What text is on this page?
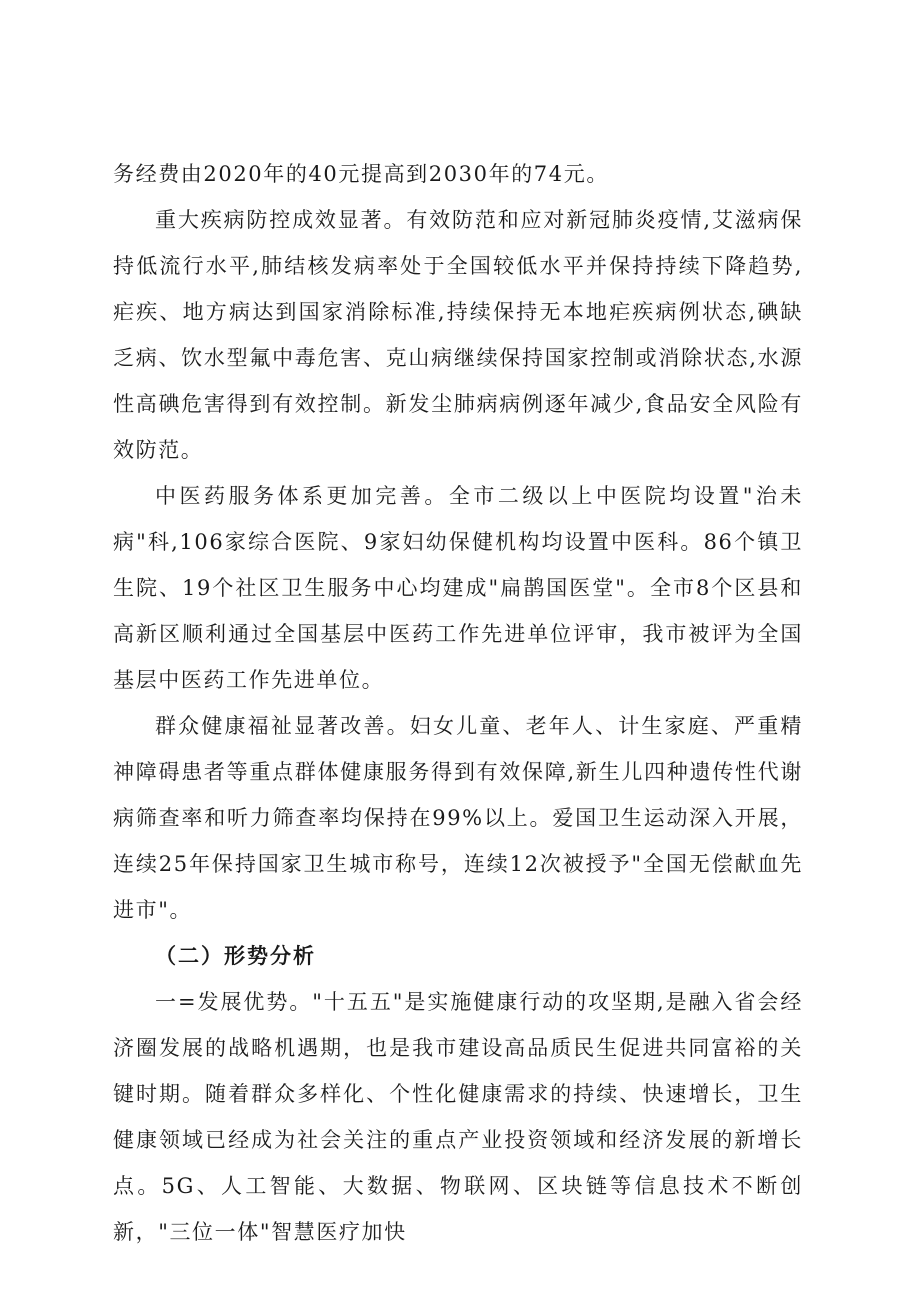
务经费由2020年的40元提高到2030年的74元。

重大疾病防控成效显著。有效防范和应对新冠肺炎疫情,艾滋病保持低流行水平,肺结核发病率处于全国较低水平并保持持续下降趋势,疟疾、地方病达到国家消除标准,持续保持无本地疟疾病例状态,碘缺乏病、饮水型氟中毒危害、克山病继续保持国家控制或消除状态,水源性高碘危害得到有效控制。新发尘肺病病例逐年减少,食品安全风险有效防范。

中医药服务体系更加完善。全市二级以上中医院均设置"治未病"科,106家综合医院、9家妇幼保健机构均设置中医科。86个镇卫生院、19个社区卫生服务中心均建成"扁鹊国医堂"。全市8个区县和高新区顺利通过全国基层中医药工作先进单位评审，我市被评为全国基层中医药工作先进单位。

群众健康福祉显著改善。妇女儿童、老年人、计生家庭、严重精神障碍患者等重点群体健康服务得到有效保障,新生儿四种遗传性代谢病筛查率和听力筛查率均保持在99%以上。爱国卫生运动深入开展，连续25年保持国家卫生城市称号，连续12次被授予"全国无偿献血先进市"。

（二）形势分析

一=发展优势。"十五五"是实施健康行动的攻坚期,是融入省会经济圈发展的战略机遇期，也是我市建设高品质民生促进共同富裕的关键时期。随着群众多样化、个性化健康需求的持续、快速增长，卫生健康领域已经成为社会关注的重点产业投资领域和经济发展的新增长点。5G、人工智能、大数据、物联网、区块链等信息技术不断创新，"三位一体"智慧医疗加快
